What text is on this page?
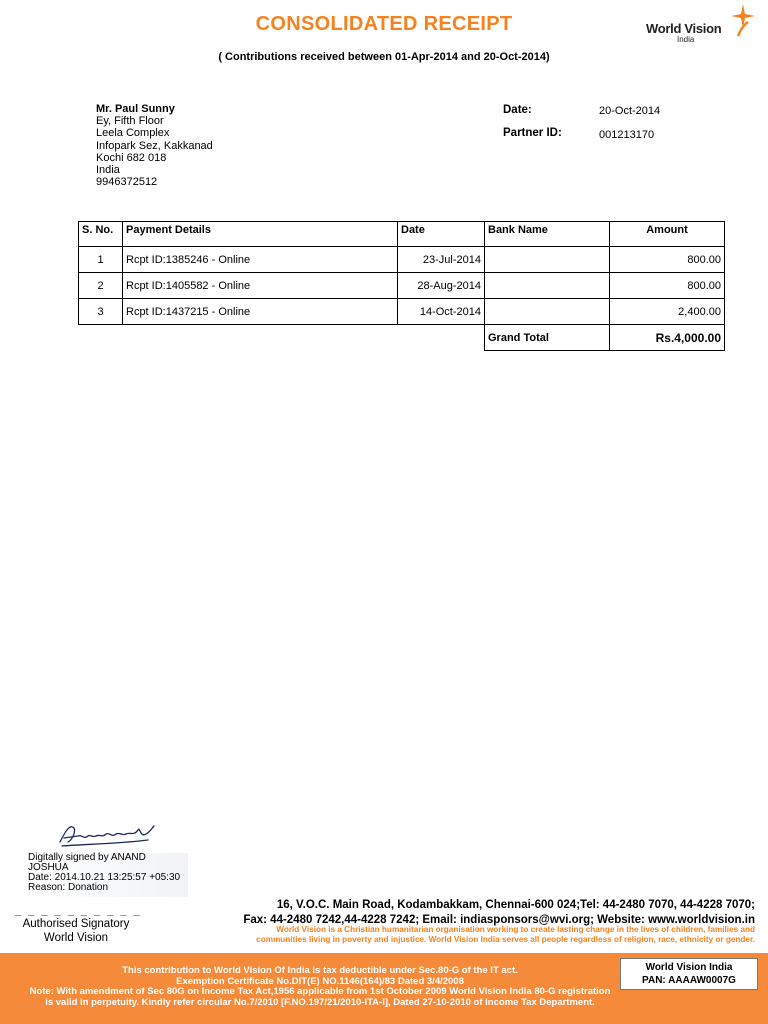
CONSOLIDATED RECEIPT
( Contributions received between 01-Apr-2014 and 20-Oct-2014)
World Vision
India
Mr. Paul Sunny
Ey, Fifth Floor
Leela Complex
Infopark Sez, Kakkanad
Kochi 682 018
India
9946372512
Date:	20-Oct-2014
Partner ID:	001213170
S. No.	Payment Details	Date	Bank Name	Amount
1	Rcpt ID:1385246 - Online	23-Jul-2014		800.00
2	Rcpt ID:1405582 - Online	28-Aug-2014		800.00
3	Rcpt ID:1437215 - Online	14-Oct-2014		2,400.00
			Grand Total	Rs.4,000.00
Digitally signed by ANAND
JOSHUA
Date: 2014.10.21 13:25:57 +05:30
Reason: Donation
_ _ _ _ _ _ _ _ _ _
Authorised Signatory
World Vision
16, V.O.C. Main Road, Kodambakkam, Chennai-600 024;Tel: 44-2480 7070, 44-4228 7070;
Fax: 44-2480 7242,44-4228 7242; Email: indiasponsors@wvi.org; Website: www.worldvision.in
World Vision is a Christian humanitarian organisation working to create lasting change in the lives of children, families and
communities living in poverty and injustice. World Vision India serves all people regardless of religion, race, ethnicity or gender.
This contribution to World Vision Of India is tax deductible under Sec.80-G of the IT act.
Exemption Certificate No.DIT(E) NO.1146(164)/83 Dated 3/4/2008
Note: With amendment of Sec 80G on Income Tax Act,1956 applicable from 1st October 2009 World Vision India 80-G registration
is valid in perpetuity. Kindly refer circular No.7/2010 [F.NO.197/21/2010-ITA-I], Dated 27-10-2010 of Income Tax Department.
World Vision India
PAN: AAAAW0007G
